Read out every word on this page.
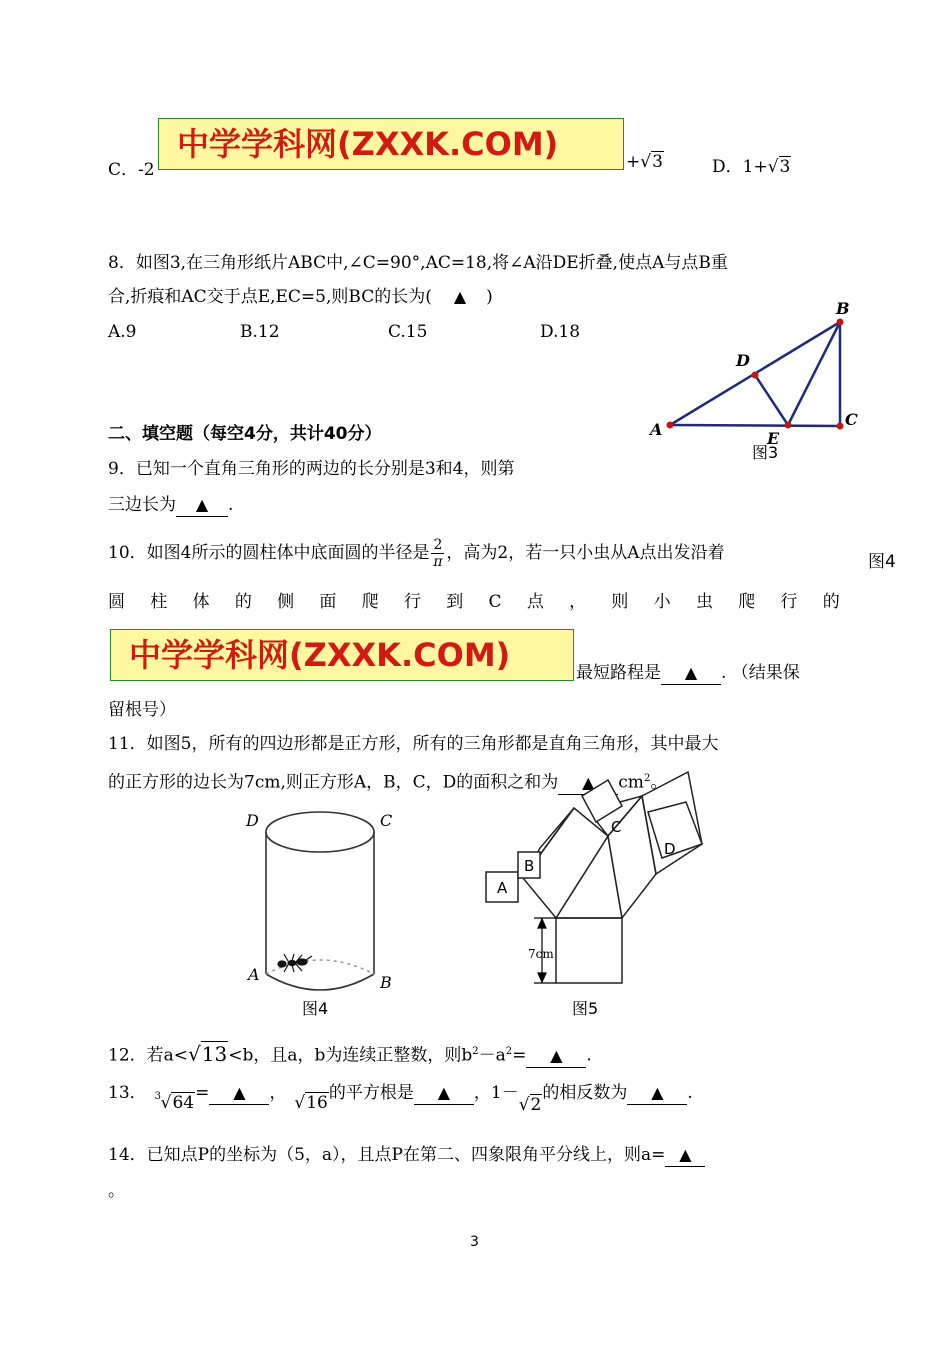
C．-2
中学学科网(ZXXK.COM)	+√3	D．1+√3
8．如图3,在三角形纸片ABC中,∠C=90°,AC=18,将∠A沿DE折叠,使点A与点B重
合,折痕和AC交于点E,EC=5,则BC的长为( ▲ )
A.9	B.12	C.15	D.18
A
B
C
D
E
图3
二、填空题（每空4分，共计40分）
9．已知一个直角三角形的两边的长分别是3和4，则第
三边长为 ▲ .
10．如图4所示的圆柱体中底面圆的半径是 $\frac{2}{\pi}$ ，高为2，若一只小虫从A点出发沿着	图4
圆 柱 体 的 侧 面 爬 行 到 C 点 ， 则 小 虫 爬 行 的
中学学科网(ZXXK.COM)	最短路程是 ▲ . （结果保
留根号）
11．如图5，所有的四边形都是正方形，所有的三角形都是直角三角形，其中最大
的正方形的边长为7cm,则正方形A，B，C，D的面积之和为 ▲ $cm^2$。
D	C
A	B
图4
A
B
C
D
7cm
图5
12．若a<√13<b，且a，b为连续正整数，则$b^2-a^2=$ ▲ .
13． 3 √64= ▲ ， √16的平方根是 ▲ ，1－√2的相反数为 ▲ .
14．已知点P的坐标为（5，a），且点P在第二、四象限角平分线上，则a= ▲
。
3
